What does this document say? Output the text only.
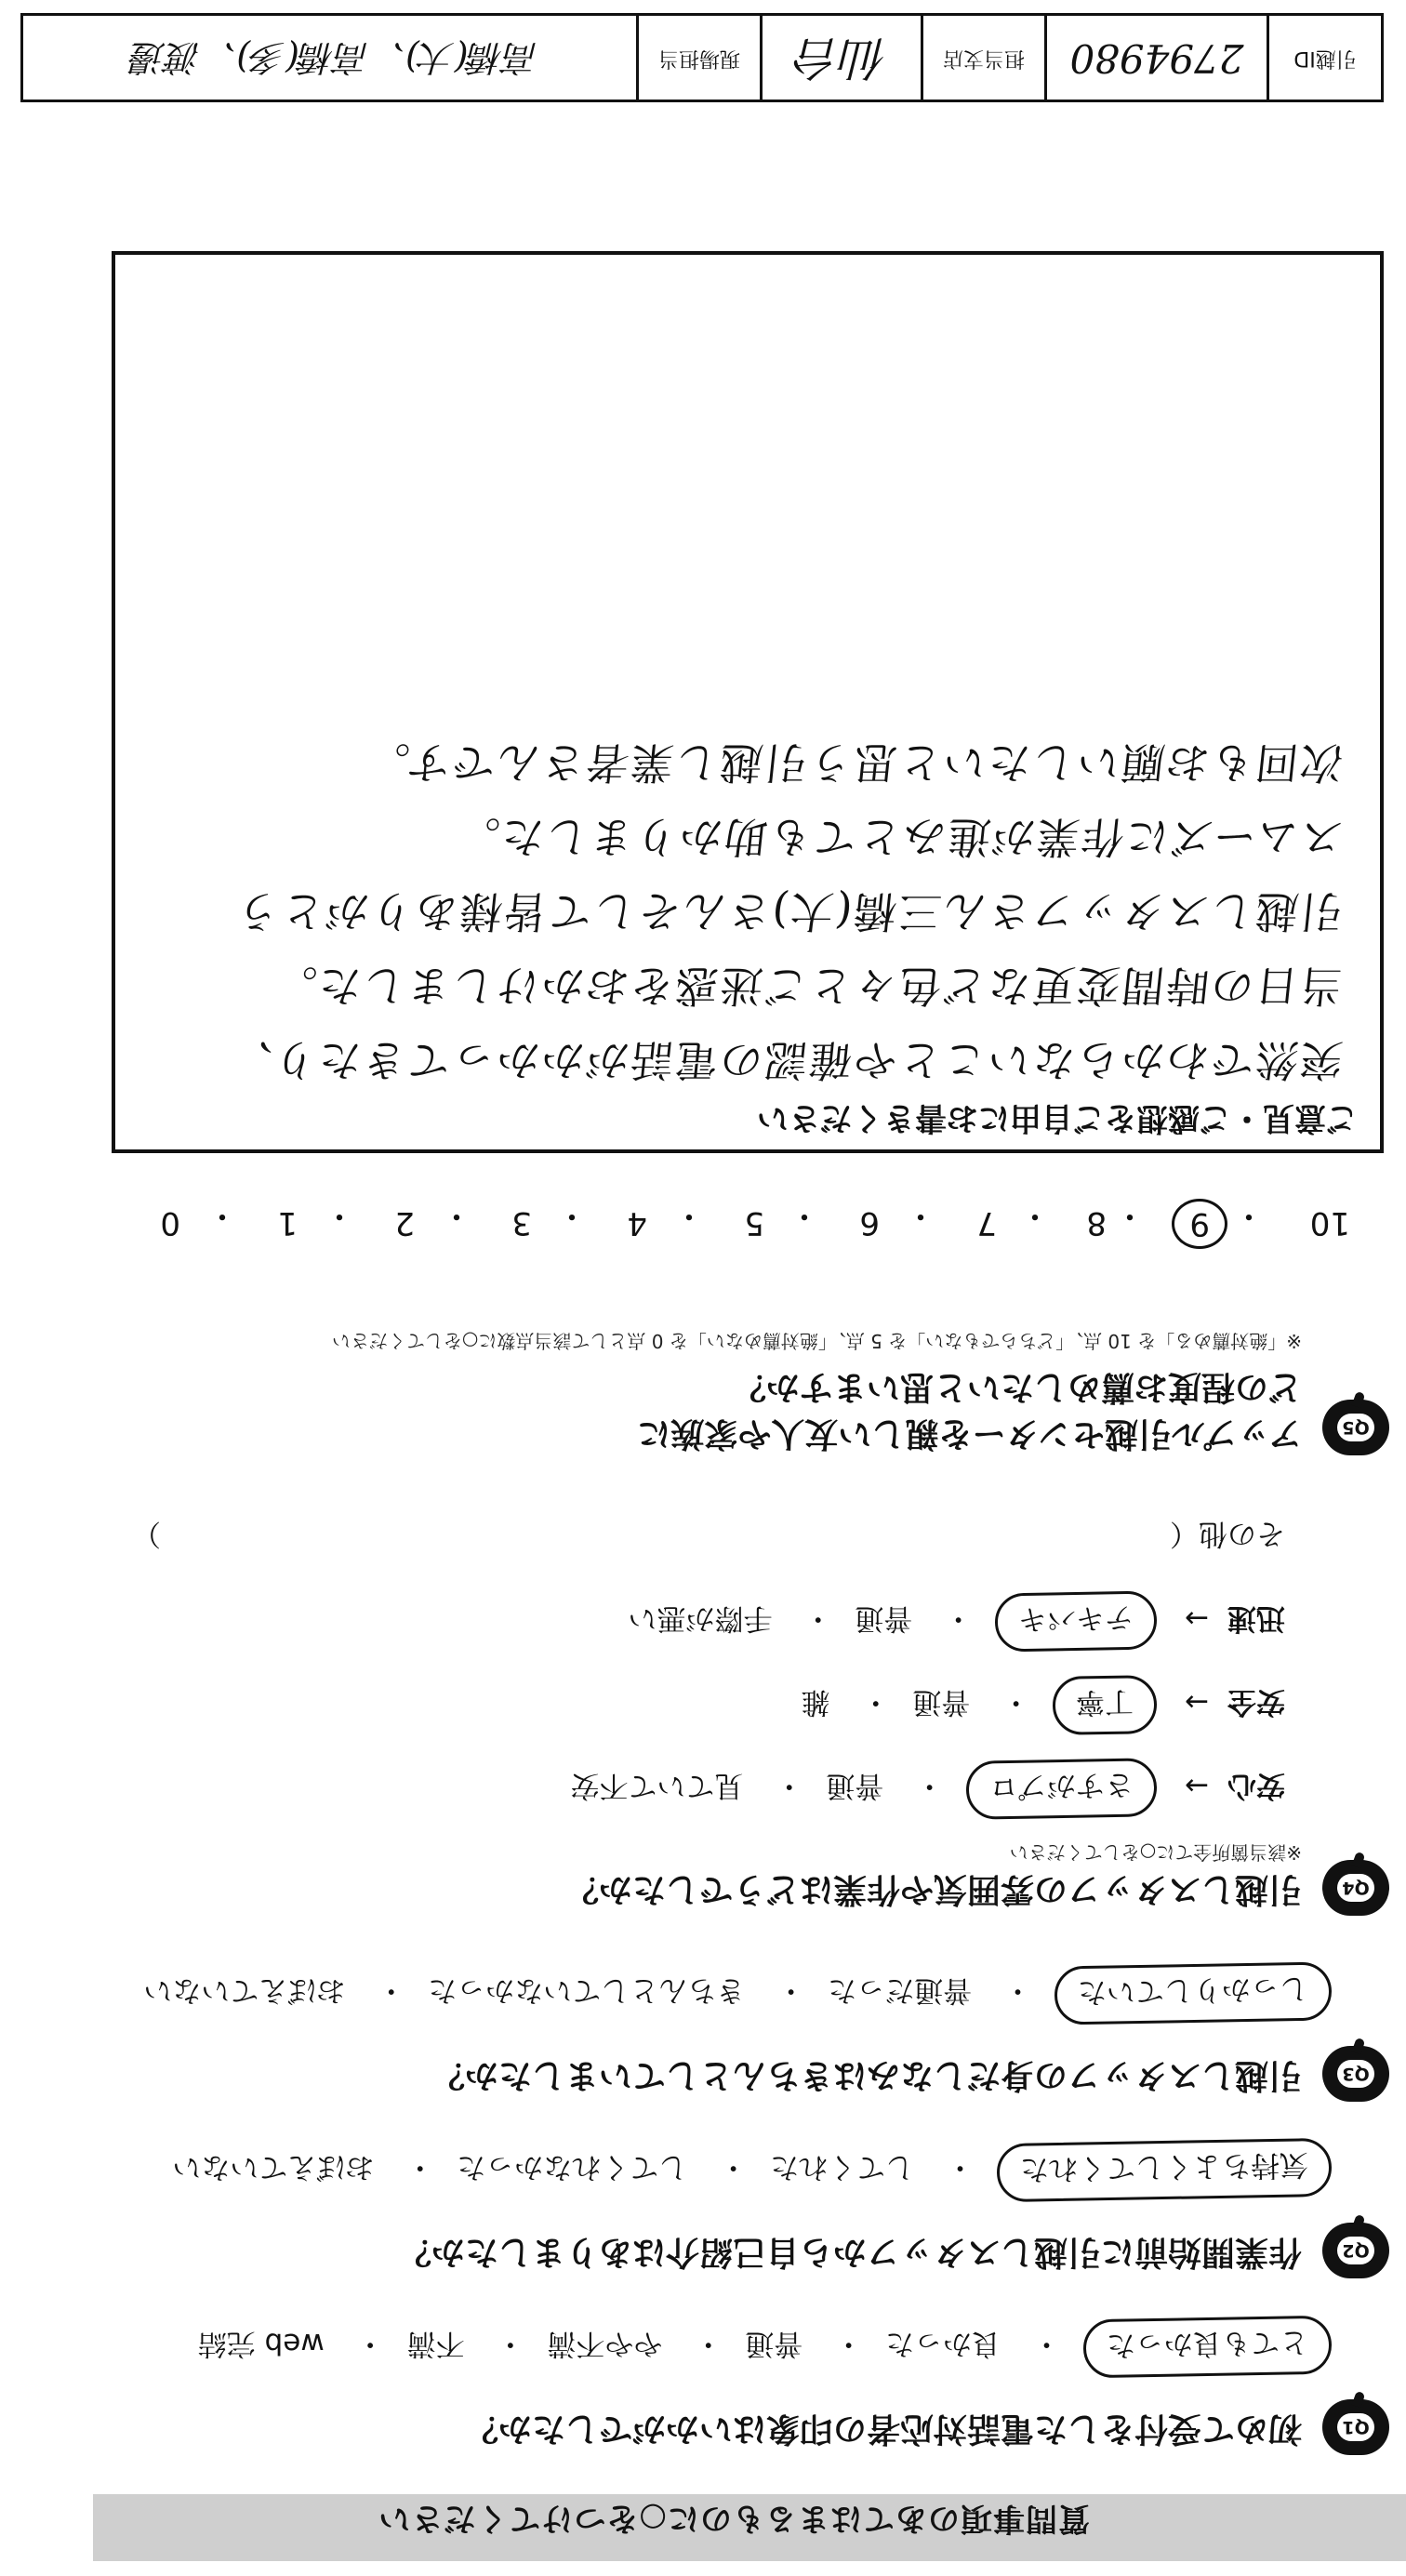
質問事項のあてはまるものに○をつけてください
Q1
初めて受付をした電話対応者の印象はいかがでしたか？
とても良かった・ 良かった・ 普通・ やや不満・ 不満・ web 完結
Q2
作業開始前に引越しスタッフから自己紹介はありましたか？
気持ちよくしてくれた・ してくれた・ してくれなかった・ おぼえていない
Q3
引越しスタッフの身だしなみはきちんとしていましたか？
しっかりしていた・ 普通だった・ きちんとしていなかった・ おぼえていない
Q4
引越しスタッフの雰囲気や作業はどうでしたか？
※該当箇所全てに○をしてください
安心→ さすがプロ・ 普通・ 見ていて不安
安全→ 丁寧・ 普通・ 雑
迅速→ テキパキ・ 普通・ 手際が悪い
その他（
）
Q5
アップル引越センターを親しい友人や家族に
どの程度お薦めしたいと思いますか？
※「絶対薦める」を 10 点、「どちらでもない」を 5 点、「絶対薦めない」を 0 点として該当点数に○をしてください
10
・
9
・
8
・
7
・
6
・
5
・
4
・
3
・
2
・
1
・
0
ご意見・ご感想をご自由にお書きください
突然でわからないことや確認の電話がかかってきたり、
当日の時間変更など色々とご迷惑をおかけしました。
引越しスタッフさん三橋(大)さんそして皆様ありがとう
スムーズに作業が進みとても助かりました。
次回もお願いしたいと思う引越し業者さんです。
引越ID
2794980
担当支店
仙台
現場担当
高橋(大)、高橋(多)、渡邊
